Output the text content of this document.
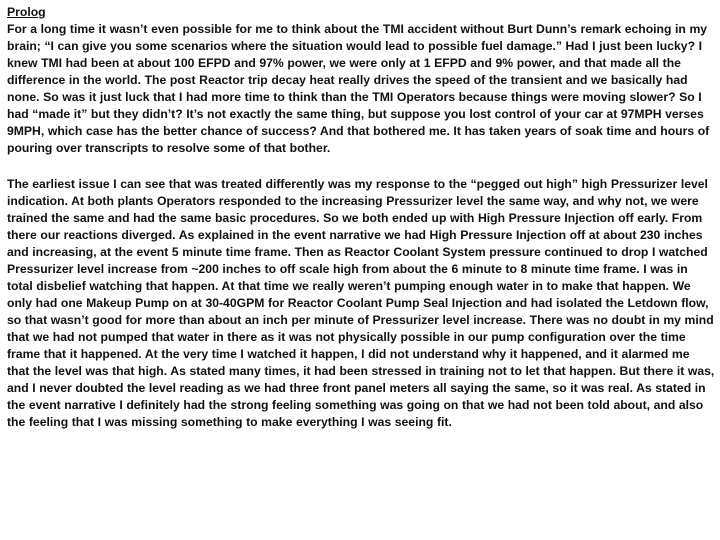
Prolog

For a long time it wasn’t even possible for me to think about the TMI accident without Burt Dunn’s remark echoing in my brain; “I can give you some scenarios where the situation would lead to possible fuel damage.” Had I just been lucky? I knew TMI had been at about 100 EFPD and 97% power, we were only at 1 EFPD and 9% power, and that made all the difference in the world. The post Reactor trip decay heat really drives the speed of the transient and we basically had none. So was it just luck that I had more time to think than the TMI Operators because things were moving slower? So I had “made it” but they didn’t? It’s not exactly the same thing, but suppose you lost control of your car at 97MPH verses 9MPH, which case has the better chance of success? And that bothered me. It has taken years of soak time and hours of pouring over transcripts to resolve some of that bother.

The earliest issue I can see that was treated differently was my response to the “pegged out high” high Pressurizer level indication. At both plants Operators responded to the increasing Pressurizer level the same way, and why not, we were trained the same and had the same basic procedures. So we both ended up with High Pressure Injection off early. From there our reactions diverged. As explained in the event narrative we had High Pressure Injection off at about 230 inches and increasing, at the event 5 minute time frame. Then as Reactor Coolant System pressure continued to drop I watched Pressurizer level increase from ~200 inches to off scale high from about the 6 minute to 8 minute time frame. I was in total disbelief watching that happen. At that time we really weren’t pumping enough water in to make that happen. We only had one Makeup Pump on at 30-40GPM for Reactor Coolant Pump Seal Injection and had isolated the Letdown flow, so that wasn’t good for more than about an inch per minute of Pressurizer level increase. There was no doubt in my mind that we had not pumped that water in there as it was not physically possible in our pump configuration over the time frame that it happened. At the very time I watched it happen, I did not understand why it happened, and it alarmed me that the level was that high. As stated many times, it had been stressed in training not to let that happen. But there it was, and I never doubted the level reading as we had three front panel meters all saying the same, so it was real. As stated in the event narrative I definitely had the strong feeling something was going on that we had not been told about, and also the feeling that I was missing something to make everything I was seeing fit.
